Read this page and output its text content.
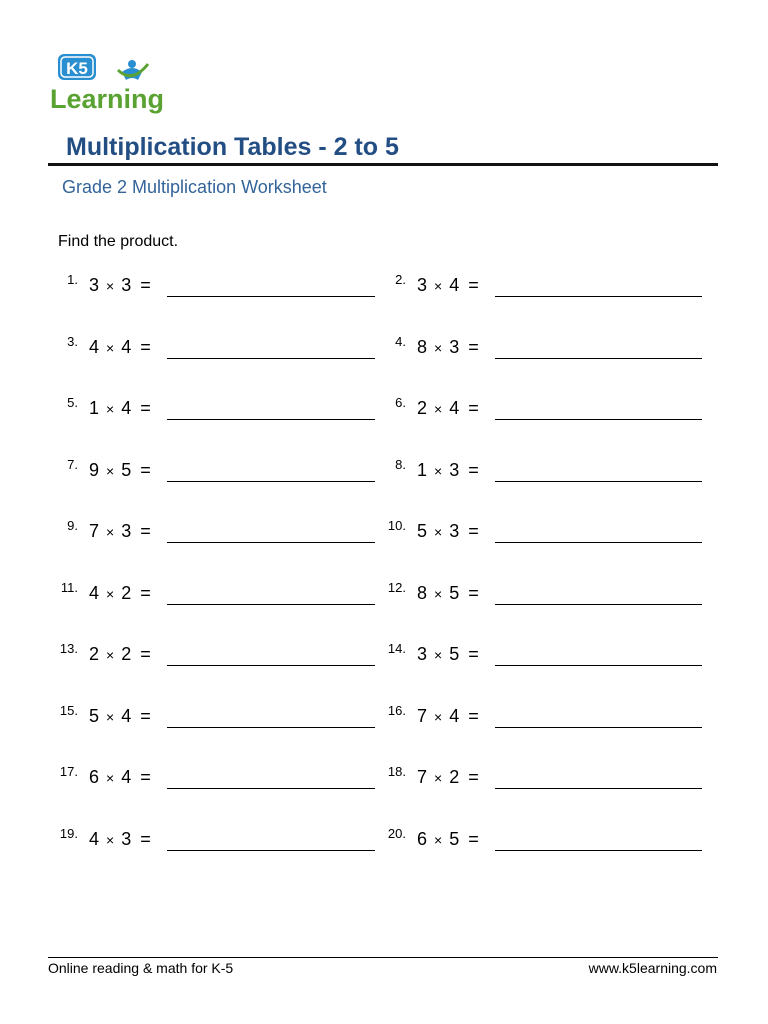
K5
Learning
Multiplication Tables - 2 to 5
Grade 2 Multiplication Worksheet
Find the product.
1. 3 × 3 =	2. 3 × 4 =
3. 4 × 4 =	4. 8 × 3 =
5. 1 × 4 =	6. 2 × 4 =
7. 9 × 5 =	8. 1 × 3 =
9. 7 × 3 =	10. 5 × 3 =
11. 4 × 2 =	12. 8 × 5 =
13. 2 × 2 =	14. 3 × 5 =
15. 5 × 4 =	16. 7 × 4 =
17. 6 × 4 =	18. 7 × 2 =
19. 4 × 3 =	20. 6 × 5 =
Online reading & math for K-5	www.k5learning.com
